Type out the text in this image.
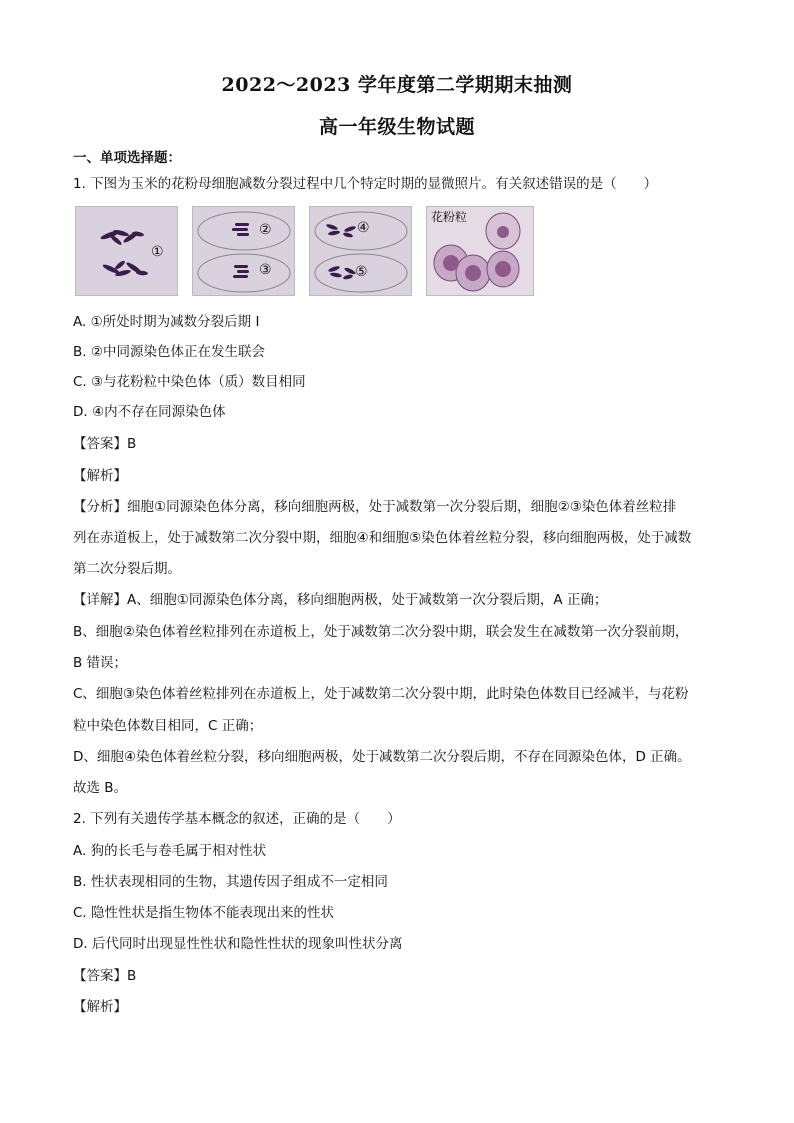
2022～2023 学年度第二学期期末抽测
高一年级生物试题
一、单项选择题：
1. 下图为玉米的花粉母细胞减数分裂过程中几个特定时期的显微照片。有关叙述错误的是（　　）
①
②
③
④
⑤
花粉粒
A. ①所处时期为减数分裂后期 I
B. ②中同源染色体正在发生联会
C. ③与花粉粒中染色体（质）数目相同
D. ④内不存在同源染色体
【答案】B
【解析】
【分析】细胞①同源染色体分离，移向细胞两极，处于减数第一次分裂后期，细胞②③染色体着丝粒排
列在赤道板上，处于减数第二次分裂中期，细胞④和细胞⑤染色体着丝粒分裂，移向细胞两极，处于减数
第二次分裂后期。
【详解】A、细胞①同源染色体分离，移向细胞两极，处于减数第一次分裂后期，A 正确；
B、细胞②染色体着丝粒排列在赤道板上，处于减数第二次分裂中期，联会发生在减数第一次分裂前期，
B 错误；
C、细胞③染色体着丝粒排列在赤道板上，处于减数第二次分裂中期，此时染色体数目已经减半，与花粉
粒中染色体数目相同，C 正确；
D、细胞④染色体着丝粒分裂，移向细胞两极，处于减数第二次分裂后期，不存在同源染色体，D 正确。
故选 B。
2. 下列有关遗传学基本概念的叙述，正确的是（　　）
A. 狗的长毛与卷毛属于相对性状
B. 性状表现相同的生物，其遗传因子组成不一定相同
C. 隐性性状是指生物体不能表现出来的性状
D. 后代同时出现显性性状和隐性性状的现象叫性状分离
【答案】B
【解析】
